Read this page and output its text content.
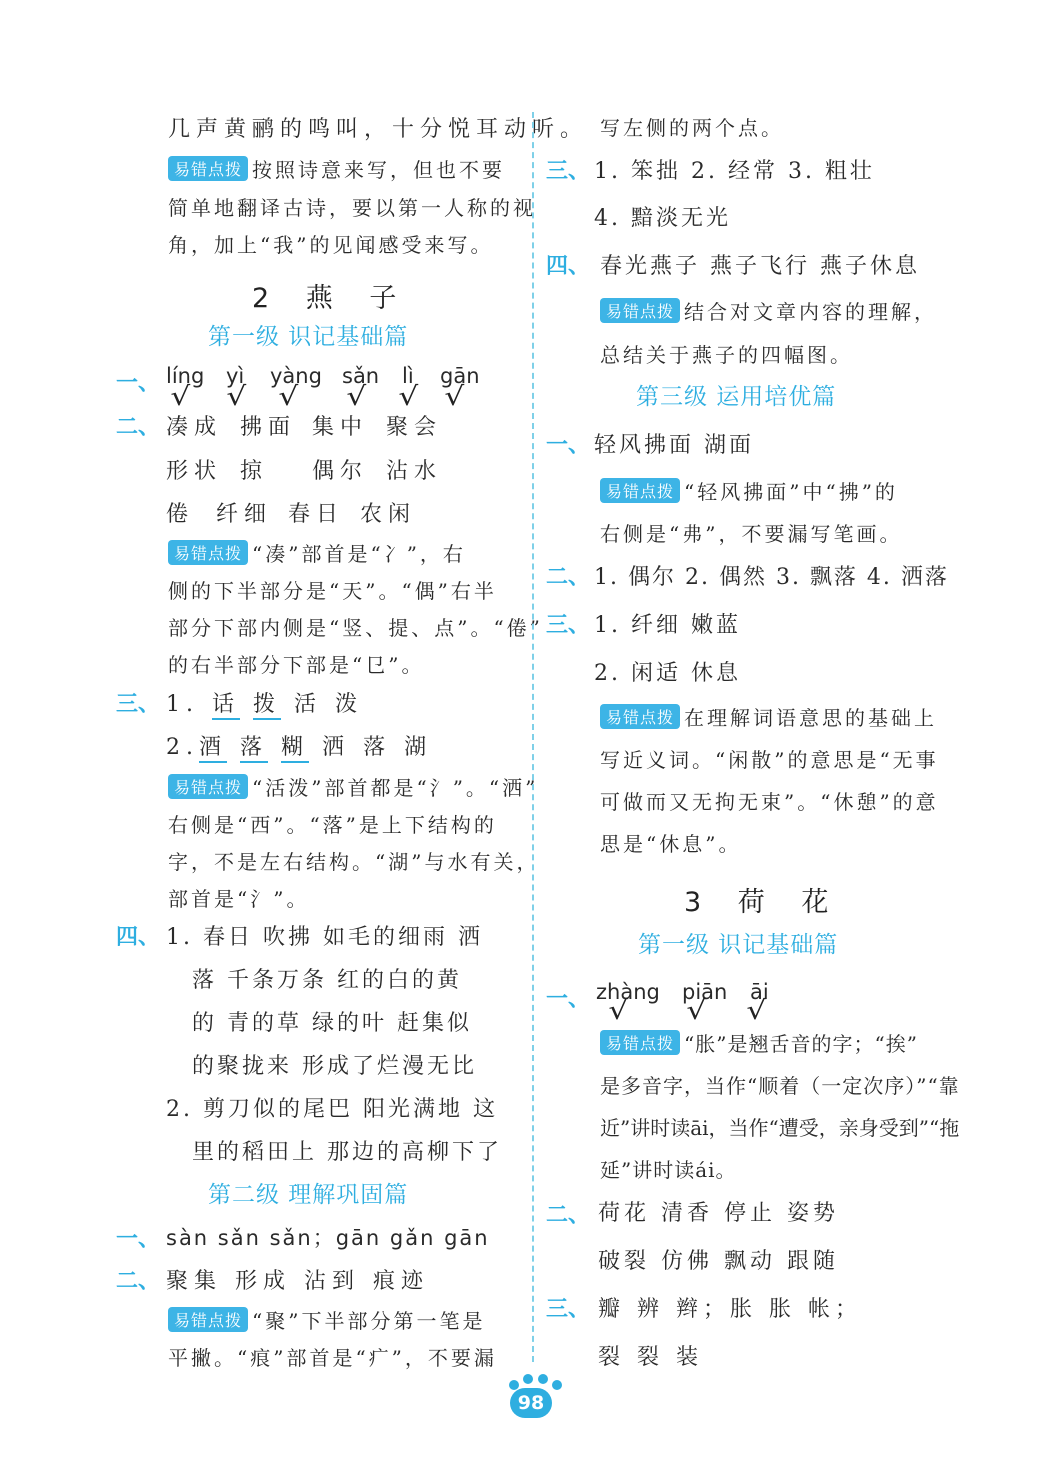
几声黄鹂的鸣叫，十分悦耳动听。
易错点拨 按照诗意来写，但也不要
简单地翻译古诗，要以第一人称的视
角，加上“我”的见闻感受来写。
2 燕 子
第一级 识记基础篇
一、 líng yì yàng sǎn lì gān
√ √ √ √ √ √
二、 凑成 拂面 集中 聚会
形状 掠 偶尔 沾水
倦 纤细 春日 农闲
易错点拨 “凑”部首是“冫”，右
侧的下半部分是“天”。“偶”右半
部分下部内侧是“竖、提、点”。“倦”
的右半部分下部是“㔾”。
三、 1. 话 拨 活 泼
2.酒 落 糊 洒 落 湖
易错点拨 “活泼”部首都是“氵”。“洒”
右侧是“西”。“落”是上下结构的
字，不是左右结构。“湖”与水有关，
部首是“氵”。
四、 1. 春日 吹拂 如毛的细雨 洒
落 千条万条 红的白的黄
的 青的草 绿的叶 赶集似
的聚拢来 形成了烂漫无比
2. 剪刀似的尾巴 阳光满地 这
里的稻田上 那边的高柳下了
第二级 理解巩固篇
一、 sàn sǎn sǎn；gān gǎn gān
二、 聚集 形成 沾到 痕迹
易错点拨 “聚”下半部分第一笔是
平撇。“痕”部首是“疒”，不要漏
写左侧的两个点。
三、 1. 笨拙 2. 经常 3. 粗壮
4. 黯淡无光
四、 春光燕子 燕子飞行 燕子休息
易错点拨 结合对文章内容的理解，
总结关于燕子的四幅图。
第三级 运用培优篇
一、 轻风拂面 湖面
易错点拨 “轻风拂面”中“拂”的
右侧是“弗”，不要漏写笔画。
二、 1. 偶尔 2. 偶然 3. 飘落 4. 洒落
三、 1. 纤细 嫩蓝
2. 闲适 休息
易错点拨 在理解词语意思的基础上
写近义词。“闲散”的意思是“无事
可做而又无拘无束”。“休憩”的意
思是“休息”。
3 荷 花
第一级 识记基础篇
一、 zhàng piān āi
√ √ √
易错点拨 “胀”是翘舌音的字；“挨”
是多音字，当作“顺着（一定次序）”“靠
近”讲时读āi，当作“遭受，亲身受到”“拖
延”讲时读ái。
二、 荷花 清香 停止 姿势
破裂 仿佛 飘动 跟随
三、 瓣 辨 辫；胀 胀 帐；
裂 裂 装
98
